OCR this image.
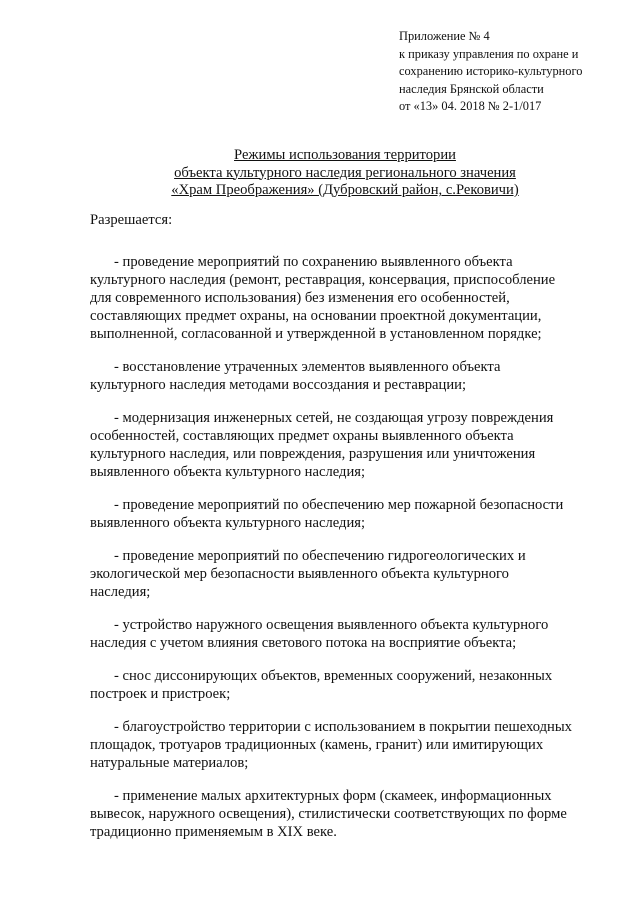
Приложение № 4
к приказу управления по охране и
сохранению историко-культурного
наследия Брянской области
от «13» 04. 2018 № 2-1/017
Режимы использования территории
объекта культурного наследия регионального значения
«Храм Преображения» (Дубровский район, с.Рековичи)
Разрешается:
- проведение мероприятий по сохранению выявленного объекта
культурного наследия (ремонт, реставрация, консервация, приспособление
для современного использования) без изменения его особенностей,
составляющих предмет охраны, на основании проектной документации,
выполненной, согласованной и утвержденной в установленном порядке;
- восстановление утраченных элементов выявленного объекта
культурного наследия методами воссоздания и реставрации;
- модернизация инженерных сетей, не создающая угрозу повреждения
особенностей, составляющих предмет охраны выявленного объекта
культурного наследия, или повреждения, разрушения или уничтожения
выявленного объекта культурного наследия;
- проведение мероприятий по обеспечению мер пожарной безопасности
выявленного объекта культурного наследия;
- проведение мероприятий по обеспечению гидрогеологических и
экологической мер безопасности выявленного объекта культурного
наследия;
- устройство наружного освещения выявленного объекта культурного
наследия с учетом влияния светового потока на восприятие объекта;
- снос диссонирующих объектов, временных сооружений, незаконных
построек и пристроек;
- благоустройство территории с использованием в покрытии пешеходных
площадок, тротуаров традиционных (камень, гранит) или имитирующих
натуральные материалов;
- применение малых архитектурных форм (скамеек, информационных
вывесок, наружного освещения), стилистически соответствующих по форме
традиционно применяемым в XIX веке.
